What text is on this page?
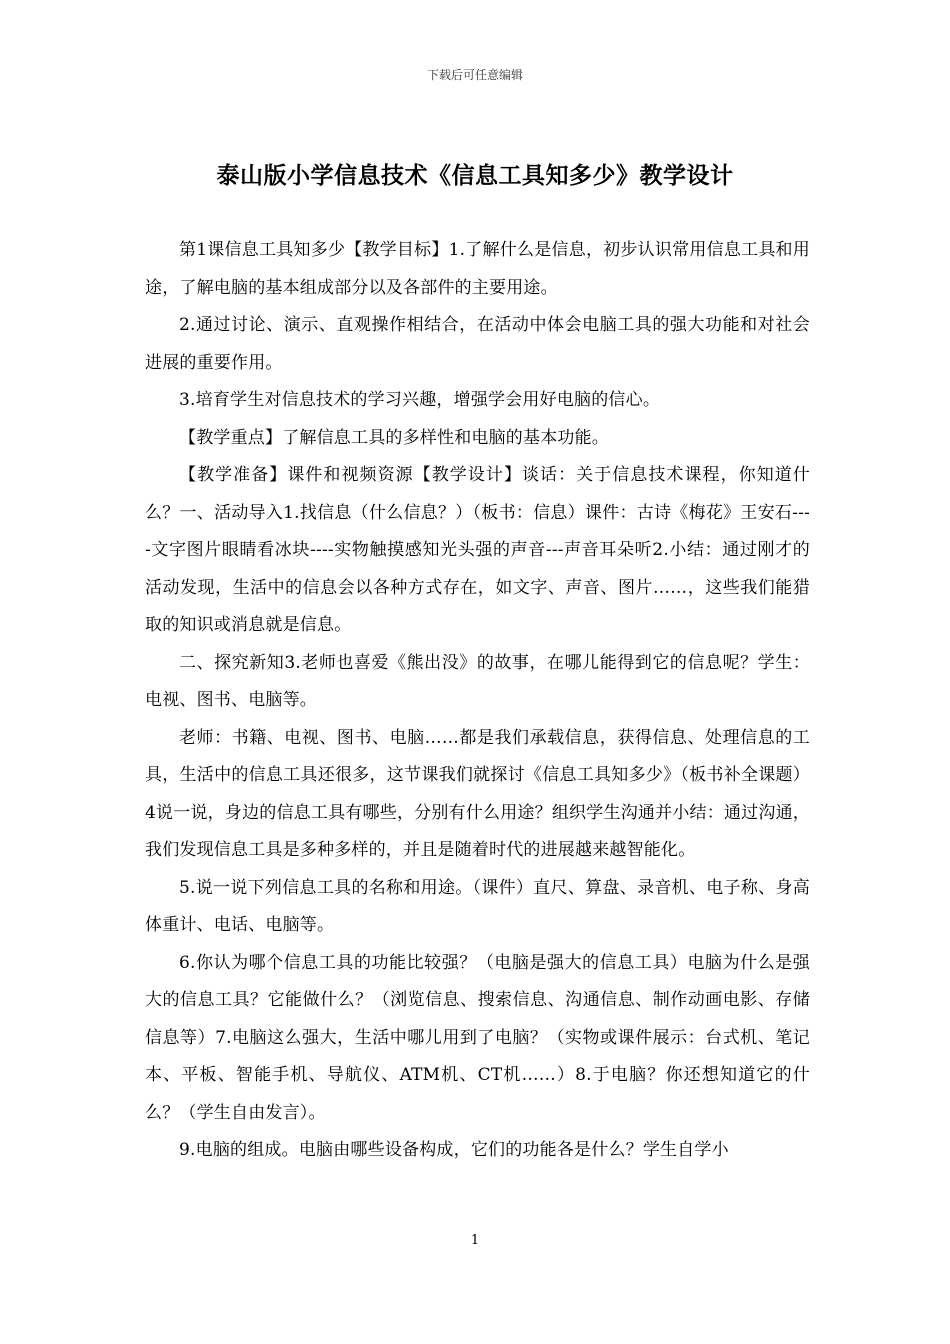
下载后可任意编辑
泰山版小学信息技术《信息工具知多少》教学设计

第1课信息工具知多少【教学目标】1.了解什么是信息，初步认识常用信息工具和用途，了解电脑的基本组成部分以及各部件的主要用途。

2.通过讨论、演示、直观操作相结合，在活动中体会电脑工具的强大功能和对社会进展的重要作用。

3.培育学生对信息技术的学习兴趣，增强学会用好电脑的信心。

【教学重点】了解信息工具的多样性和电脑的基本功能。

【教学准备】课件和视频资源【教学设计】谈话：关于信息技术课程，你知道什么？一、活动导入1.找信息（什么信息？）（板书：信息）课件：古诗《梅花》王安石----文字图片眼睛看冰块----实物触摸感知光头强的声音---声音耳朵听2.小结：通过刚才的活动发现，生活中的信息会以各种方式存在，如文字、声音、图片……，这些我们能猎取的知识或消息就是信息。

二、探究新知3.老师也喜爱《熊出没》的故事，在哪儿能得到它的信息呢？学生：电视、图书、电脑等。

老师：书籍、电视、图书、电脑……都是我们承载信息，获得信息、处理信息的工具，生活中的信息工具还很多，这节课我们就探讨《信息工具知多少》（板书补全课题）4说一说，身边的信息工具有哪些，分别有什么用途？组织学生沟通并小结：通过沟通，我们发现信息工具是多种多样的，并且是随着时代的进展越来越智能化。

5.说一说下列信息工具的名称和用途。（课件）直尺、算盘、录音机、电子称、身高体重计、电话、电脑等。

6.你认为哪个信息工具的功能比较强？（电脑是强大的信息工具）电脑为什么是强大的信息工具？它能做什么？（浏览信息、搜索信息、沟通信息、制作动画电影、存储信息等）7.电脑这么强大，生活中哪儿用到了电脑？（实物或课件展示：台式机、笔记本、平板、智能手机、导航仪、ATM机、CT机……）8.于电脑？你还想知道它的什么？（学生自由发言）。

9.电脑的组成。电脑由哪些设备构成，它们的功能各是什么？学生自学小

1
